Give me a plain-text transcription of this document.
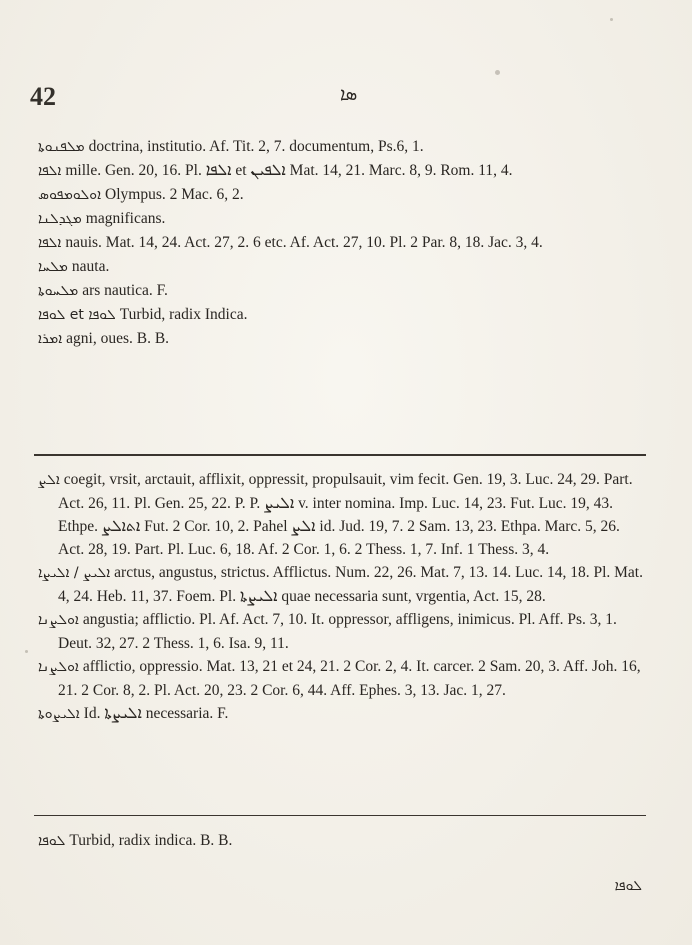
42	ܣܐ

ܡܠܦܢܘܬܐ doctrina, institutio. Af. Tit. 2, 7. documentum, Ps.6, 1.

ܐܠܦܐ mille. Gen. 20, 16. Pl. ܐܠܦܐ et ܐܠܦܝܢ Mat. 14, 21. Marc. 8, 9. Rom. 11, 4.

ܐܘܠܘܡܦܘܣ Olympus. 2 Mac. 6, 2.

ܡܓܕܠܢܐ magnificans.

ܐܠܦܐ nauis. Mat. 14, 24. Act. 27, 2. 6 etc. Af. Act. 27, 10. Pl. 2 Par. 8, 18. Jac. 3, 4.

ܡܠܚܐ nauta.

ܡܠܚܘܬܐ ars nautica. F.

ܠܘܦܐ et ܠܘܦܐ Turbid, radix Indica.

ܐܡܪܐ agni, oues. B. B.

ܐܠܨ coegit, vrsit, arctauit, afflixit, oppressit, propulsauit, vim fecit. Gen. 19, 3. Luc. 24, 29. Part. Act. 26, 11. Pl. Gen. 25, 22. P. P. ܐܠܝܨ v. inter nomina. Imp. Luc. 14, 23. Fut. Luc. 19, 43. Ethpe. ܐܬܐܠܨ Fut. 2 Cor. 10, 2. Pahel ܐܠܨ id. Jud. 19, 7. 2 Sam. 13, 23. Ethpa. Marc. 5, 26. Act. 28, 19. Part. Pl. Luc. 6, 18. Af. 2 Cor. 1, 6. 2 Thess. 1, 7. Inf. 1 Thess. 3, 4.

ܐܠܝܨ / ܐܠܝܨܐ arctus, angustus, strictus. Afflictus. Num. 22, 26. Mat. 7, 13. 14. Luc. 14, 18. Pl. Mat. 4, 24. Heb. 11, 37. Foem. Pl. ܐܠܝܨܬܐ quae necessaria sunt, vrgentia, Act. 15, 28.

ܐܘܠܨܢܐ angustia; afflictio. Pl. Af. Act. 7, 10. It. oppressor, affligens, inimicus. Pl. Aff. Ps. 3, 1. Deut. 32, 27. 2 Thess. 1, 6. Isa. 9, 11.

ܐܘܠܨܢܐ afflictio, oppressio. Mat. 13, 21 et 24, 21. 2 Cor. 2, 4. It. carcer. 2 Sam. 20, 3. Aff. Joh. 16, 21. 2 Cor. 8, 2. Pl. Act. 20, 23. 2 Cor. 6, 44. Aff. Ephes. 3, 13. Jac. 1, 27.

ܐܠܝܨܘܬܐ Id. ܐܠܝܨܬܐ necessaria. F.

ܠܘܦܐ Turbid, radix indica. B. B.

ܠܘܦܐ
